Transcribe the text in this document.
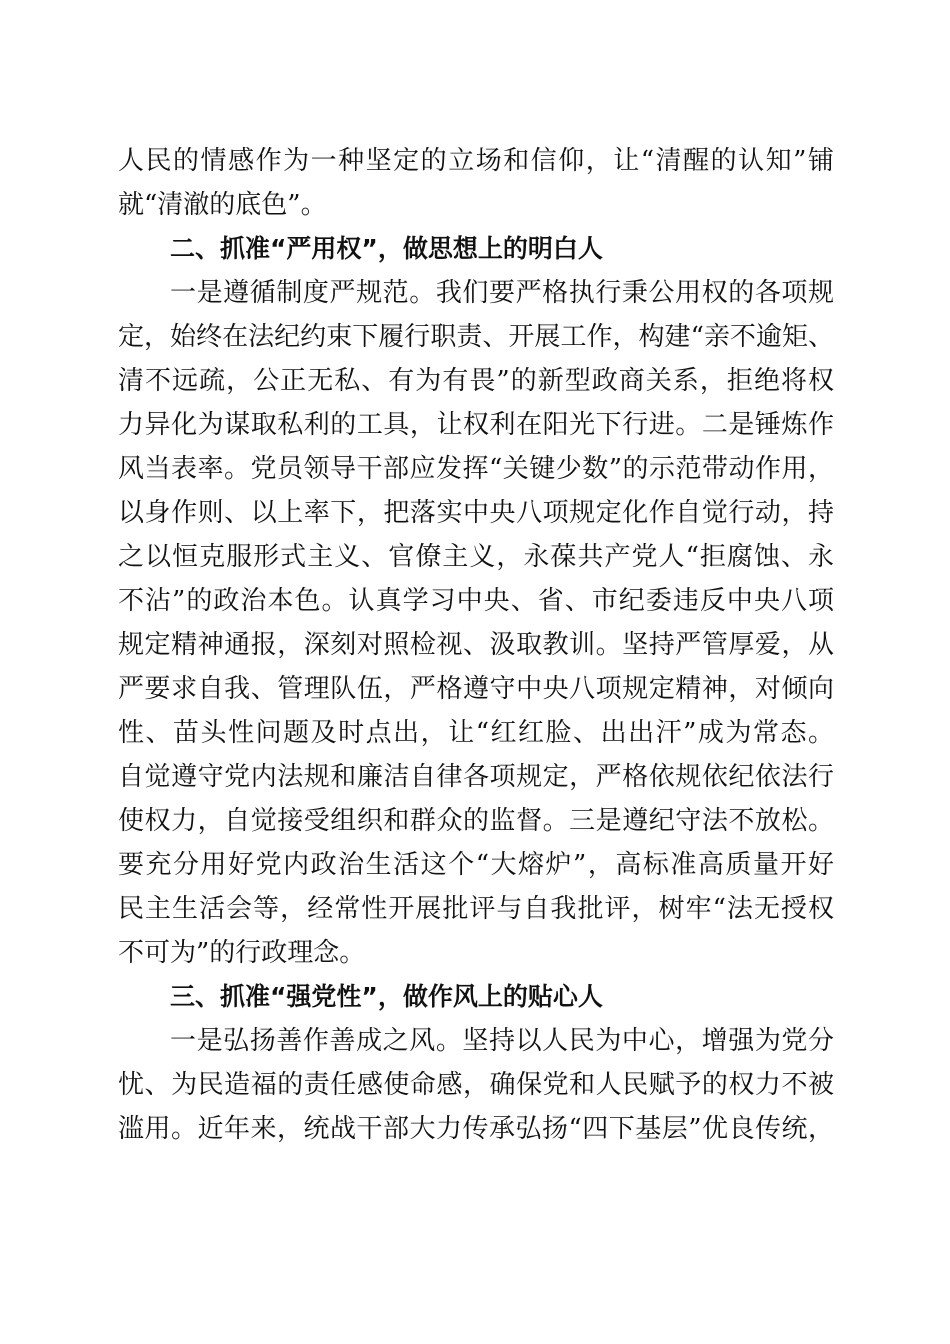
人民的情感作为一种坚定的立场和信仰，让“清醒的认知”铺
就“清澈的底色”。
二、抓准“严用权”，做思想上的明白人
一是遵循制度严规范。我们要严格执行秉公用权的各项规
定，始终在法纪约束下履行职责、开展工作，构建“亲不逾矩、
清不远疏，公正无私、有为有畏”的新型政商关系，拒绝将权
力异化为谋取私利的工具，让权利在阳光下行进。二是锤炼作
风当表率。党员领导干部应发挥“关键少数”的示范带动作用，
以身作则、以上率下，把落实中央八项规定化作自觉行动，持
之以恒克服形式主义、官僚主义，永葆共产党人“拒腐蚀、永
不沾”的政治本色。认真学习中央、省、市纪委违反中央八项
规定精神通报，深刻对照检视、汲取教训。坚持严管厚爱，从
严要求自我、管理队伍，严格遵守中央八项规定精神，对倾向
性、苗头性问题及时点出，让“红红脸、出出汗”成为常态。
自觉遵守党内法规和廉洁自律各项规定，严格依规依纪依法行
使权力，自觉接受组织和群众的监督。三是遵纪守法不放松。
要充分用好党内政治生活这个“大熔炉”，高标准高质量开好
民主生活会等，经常性开展批评与自我批评，树牢“法无授权
不可为”的行政理念。
三、抓准“强党性”，做作风上的贴心人
一是弘扬善作善成之风。坚持以人民为中心，增强为党分
忧、为民造福的责任感使命感，确保党和人民赋予的权力不被
滥用。近年来，统战干部大力传承弘扬“四下基层”优良传统，
